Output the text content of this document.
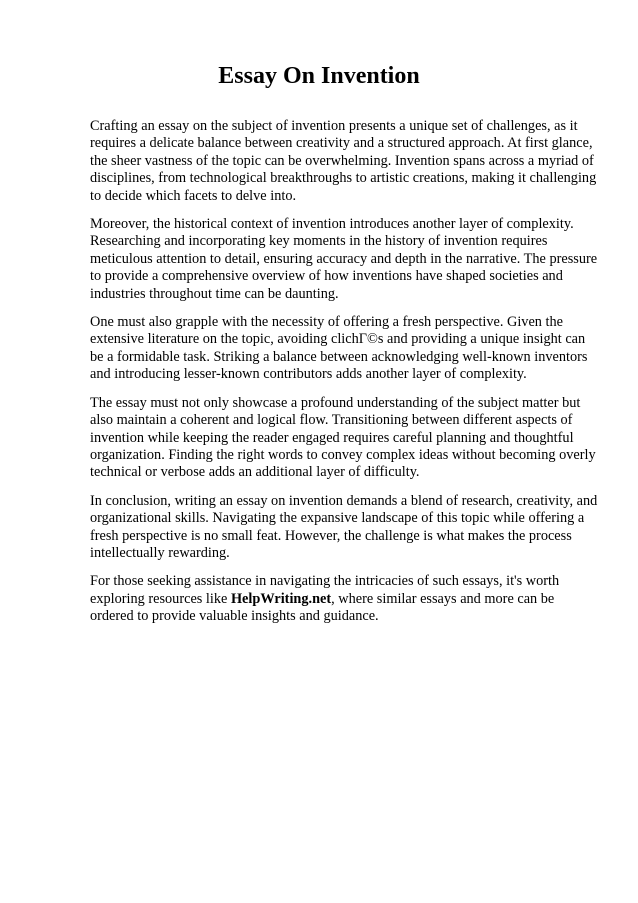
Essay On Invention

Crafting an essay on the subject of invention presents a unique set of challenges, as it requires a delicate balance between creativity and a structured approach. At first glance, the sheer vastness of the topic can be overwhelming. Invention spans across a myriad of disciplines, from technological breakthroughs to artistic creations, making it challenging to decide which facets to delve into.

Moreover, the historical context of invention introduces another layer of complexity. Researching and incorporating key moments in the history of invention requires meticulous attention to detail, ensuring accuracy and depth in the narrative. The pressure to provide a comprehensive overview of how inventions have shaped societies and industries throughout time can be daunting.

One must also grapple with the necessity of offering a fresh perspective. Given the extensive literature on the topic, avoiding clichΓ©s and providing a unique insight can be a formidable task. Striking a balance between acknowledging well-known inventors and introducing lesser-known contributors adds another layer of complexity.

The essay must not only showcase a profound understanding of the subject matter but also maintain a coherent and logical flow. Transitioning between different aspects of invention while keeping the reader engaged requires careful planning and thoughtful organization. Finding the right words to convey complex ideas without becoming overly technical or verbose adds an additional layer of difficulty.

In conclusion, writing an essay on invention demands a blend of research, creativity, and organizational skills. Navigating the expansive landscape of this topic while offering a fresh perspective is no small feat. However, the challenge is what makes the process intellectually rewarding.

For those seeking assistance in navigating the intricacies of such essays, it's worth exploring resources like HelpWriting.net, where similar essays and more can be ordered to provide valuable insights and guidance.
